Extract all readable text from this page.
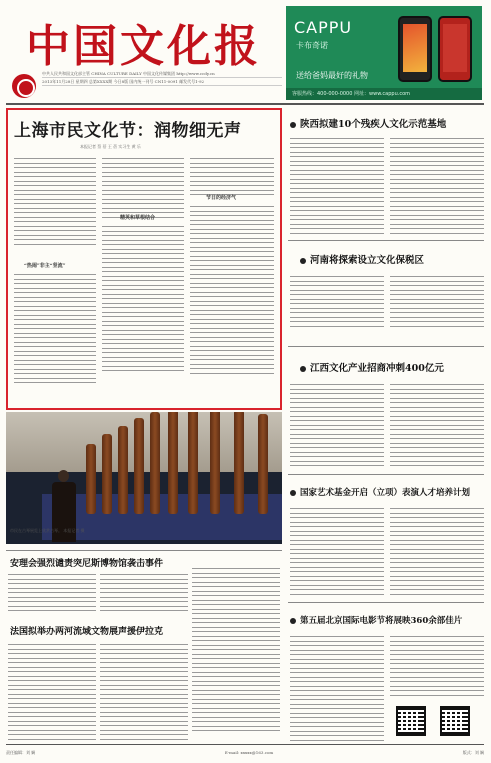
中国文化报
中共人民共和国文化部主管 CHINA CULTURE DAILY 中国文化传媒集团 http://www.ccdy.cn
2013年11月28日 星期四 总第XXXX期 今日8版 国内统一刊号 CN11-0091 邮发代号1-92
CAPPU
卡布奇诺
送给爸妈最好的礼物
客服热线：400-000-0000 网址：www.cappu.com
上海市民文化节：润物细无声
本报记者 蔡 蓓 王 蓓 实习生 黄 乐
“热闹”非主“竖流”
精英和草根结合
节日的经济气
市民在古琴展览上欣赏古琴。 本报记者 摄
陕西拟建10个残疾人文化示范基地
河南将探索设立文化保税区
江西文化产业招商冲刺400亿元
国家艺术基金开启（立项）表演人才培养计划
第五届北京国际电影节将展映360余部佳片
安理会强烈谴责突尼斯博物馆袭击事件
法国拟举办两河流域文物展声援伊拉克
责任编辑：刘 娴	E-mail: xxxxx@163.com	版式：刘 娴
